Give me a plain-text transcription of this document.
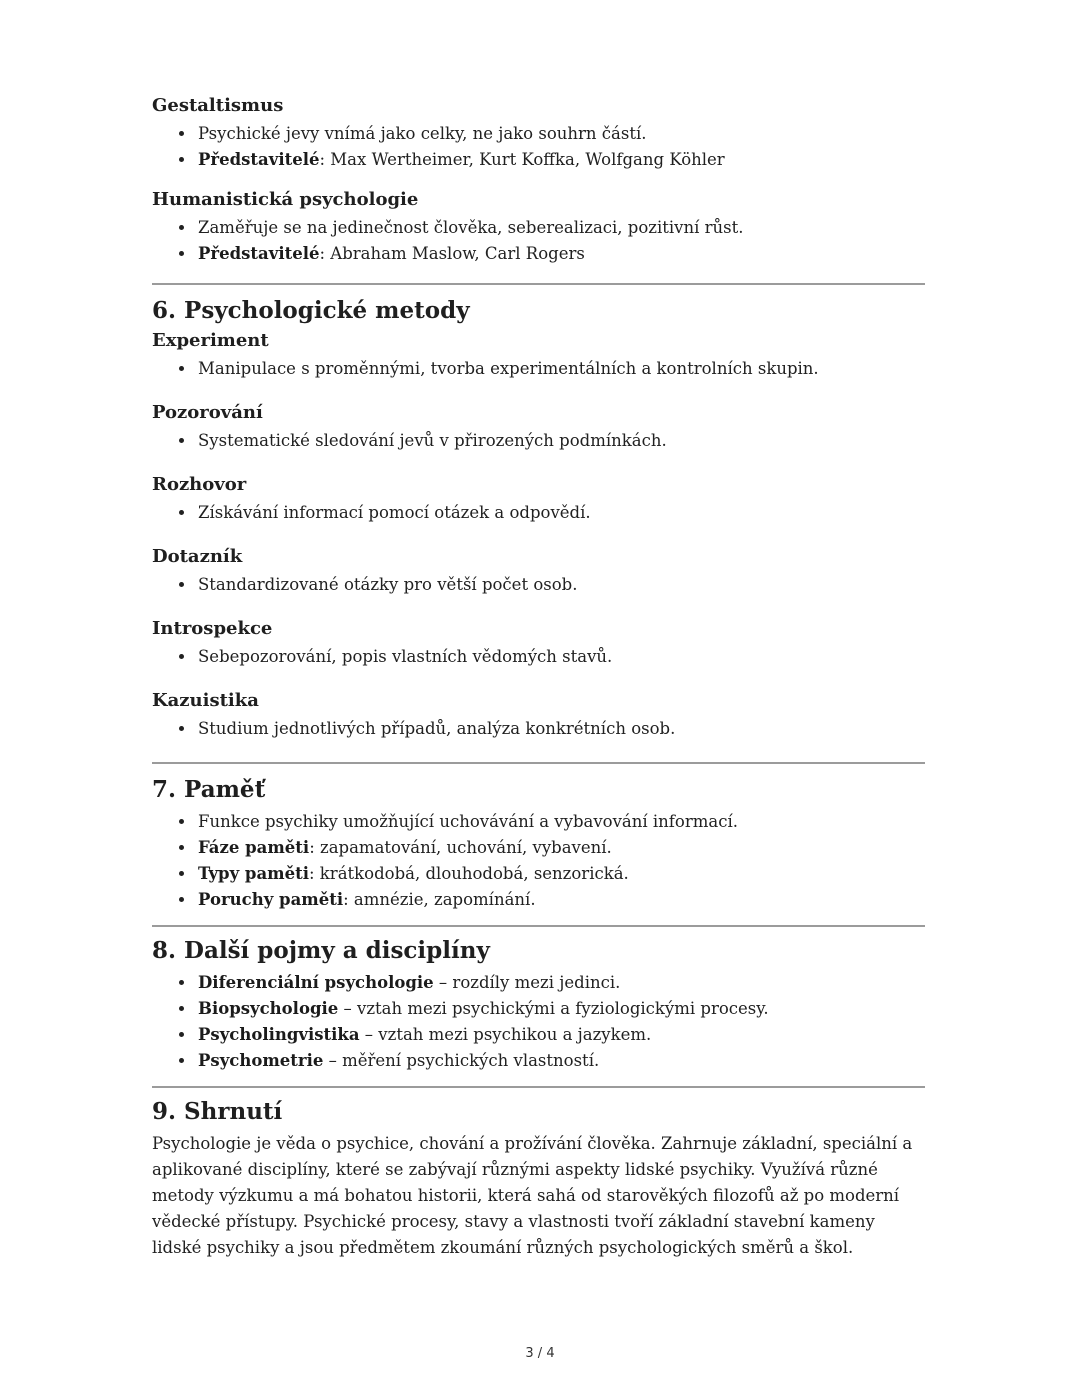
Gestaltismus
• Psychické jevy vnímá jako celky, ne jako souhrn částí.
• Představitelé: Max Wertheimer, Kurt Koffka, Wolfgang Köhler
Humanistická psychologie
• Zaměřuje se na jedinečnost člověka, seberealizaci, pozitivní růst.
• Představitelé: Abraham Maslow, Carl Rogers
6. Psychologické metody
Experiment
• Manipulace s proměnnými, tvorba experimentálních a kontrolních skupin.
Pozorování
• Systematické sledování jevů v přirozených podmínkách.
Rozhovor
• Získávání informací pomocí otázek a odpovědí.
Dotazník
• Standardizované otázky pro větší počet osob.
Introspekce
• Sebepozorování, popis vlastních vědomých stavů.
Kazuistika
• Studium jednotlivých případů, analýza konkrétních osob.
7. Paměť
• Funkce psychiky umožňující uchovávání a vybavování informací.
• Fáze paměti: zapamatování, uchování, vybavení.
• Typy paměti: krátkodobá, dlouhodobá, senzorická.
• Poruchy paměti: amnézie, zapomínání.
8. Další pojmy a disciplíny
• Diferenciální psychologie – rozdíly mezi jedinci.
• Biopsychologie – vztah mezi psychickými a fyziologickými procesy.
• Psycholingvistika – vztah mezi psychikou a jazykem.
• Psychometrie – měření psychických vlastností.
9. Shrnutí

Psychologie je věda o psychice, chování a prožívání člověka. Zahrnuje základní, speciální a aplikované disciplíny, které se zabývají různými aspekty lidské psychiky. Využívá různé metody výzkumu a má bohatou historii, která sahá od starověkých filozofů až po moderní vědecké přístupy. Psychické procesy, stavy a vlastnosti tvoří základní stavební kameny lidské psychiky a jsou předmětem zkoumání různých psychologických směrů a škol.

3 / 4
